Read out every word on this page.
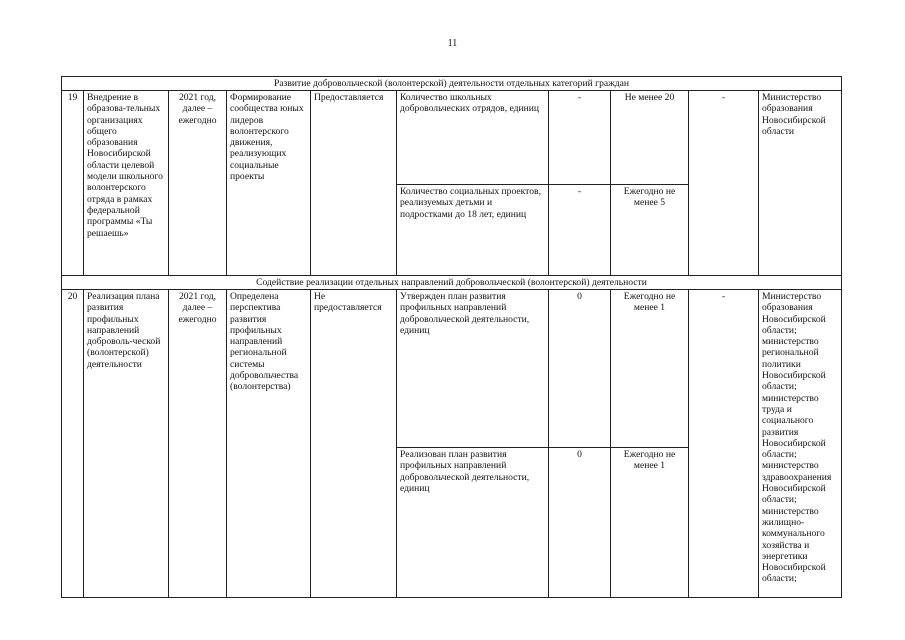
11
Развитие добровольческой (волонтерской) деятельности отдельных категорий граждан									
19	Внедрение в образова-тельных организациях общего образования Новосибирской области целевой модели школьного волонтерского отряда в рамках федеральной программы «Ты решаешь»	2021 год, далее – ежегодно	Формирование сообщества юных лидеров волонтерского движения, реализующих социальные проекты	Предоставляется	Количество школьных добровольческих отрядов, единиц	-	Не менее 20	-	Министерство образования Новосибирской области
					Количество социальных проектов, реализуемых детьми и подростками до 18 лет, единиц	-	Ежегодно не менее 5		
Содействие реализации отдельных направлений добровольческой (волонтерской) деятельности									
20	Реализация плана развития профильных направлений доброволь-ческой (волонтерской) деятельности	2021 год, далее – ежегодно	Определена перспектива развития профильных направлений региональной системы добровольчества (волонтерства)	Не предоставляется	Утвержден план развития профильных направлений добровольческой деятельности, единиц	0	Ежегодно не менее 1	-	Министерство образования Новосибирской области; министерство региональной политики Новосибирской области; министерство труда и социального развития Новосибирской области; министерство здравоохранения Новосибирской области; министерство жилищно-коммунального хозяйства и энергетики Новосибирской области;
					Реализован план развития профильных направлений добровольческой деятельности, единиц	0	Ежегодно не менее 1		
